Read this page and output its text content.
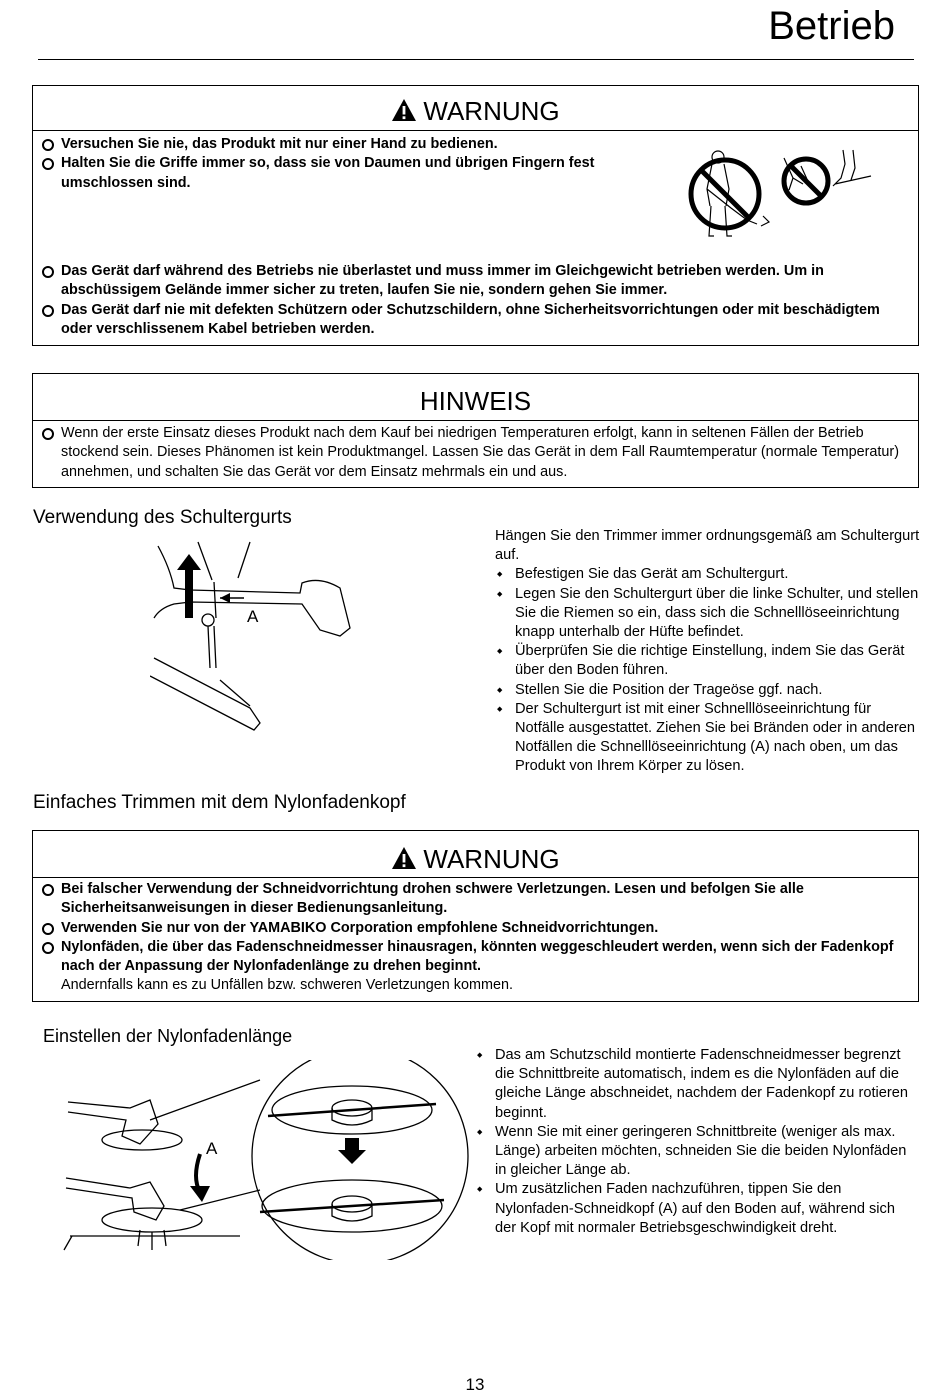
Betrieb
WARNUNG
Versuchen Sie nie, das Produkt mit nur einer Hand zu bedienen.
Halten Sie die Griffe immer so, dass sie von Daumen und übrigen Fingern fest umschlossen sind.
Das Gerät darf während des Betriebs nie überlastet und muss immer im Gleichgewicht betrieben werden. Um in abschüssigem Gelände immer sicher zu treten, laufen Sie nie, sondern gehen Sie immer.
Das Gerät darf nie mit defekten Schützern oder Schutzschildern, ohne Sicherheitsvorrichtungen oder mit beschädigtem oder verschlissenem Kabel betrieben werden.
HINWEIS
Wenn der erste Einsatz dieses Produkt nach dem Kauf bei niedrigen Temperaturen erfolgt, kann in seltenen Fällen der Betrieb stockend sein. Dieses Phänomen ist kein Produktmangel. Lassen Sie das Gerät in dem Fall Raumtemperatur (normale Temperatur) annehmen, und schalten Sie das Gerät vor dem Einsatz mehrmals ein und aus.
Verwendung des Schultergurts
A
Hängen Sie den Trimmer immer ordnungsgemäß am Schultergurt auf.
◆ Befestigen Sie das Gerät am Schultergurt.
◆ Legen Sie den Schultergurt über die linke Schulter, und stellen Sie die Riemen so ein, dass sich die Schnelllöseeinrichtung knapp unterhalb der Hüfte befindet.
◆ Überprüfen Sie die richtige Einstellung, indem Sie das Gerät über den Boden führen.
◆ Stellen Sie die Position der Trageöse ggf. nach.
◆ Der Schultergurt ist mit einer Schnelllöseeinrichtung für Notfälle ausgestattet. Ziehen Sie bei Bränden oder in anderen Notfällen die Schnelllöseeinrichtung (A) nach oben, um das Produkt von Ihrem Körper zu lösen.
Einfaches Trimmen mit dem Nylonfadenkopf
WARNUNG
Bei falscher Verwendung der Schneidvorrichtung drohen schwere Verletzungen. Lesen und befolgen Sie alle Sicherheitsanweisungen in dieser Bedienungsanleitung.
Verwenden Sie nur von der YAMABIKO Corporation empfohlene Schneidvorrichtungen.
Nylonfäden, die über das Fadenschneidmesser hinausragen, könnten weggeschleudert werden, wenn sich der Fadenkopf nach der Anpassung der Nylonfadenlänge zu drehen beginnt.
Andernfalls kann es zu Unfällen bzw. schweren Verletzungen kommen.
Einstellen der Nylonfadenlänge
A
◆ Das am Schutzschild montierte Fadenschneidmesser begrenzt die Schnittbreite automatisch, indem es die Nylonfäden auf die gleiche Länge abschneidet, nachdem der Fadenkopf zu rotieren beginnt.
◆ Wenn Sie mit einer geringeren Schnittbreite (weniger als max. Länge) arbeiten möchten, schneiden Sie die beiden Nylonfäden in gleicher Länge ab.
◆ Um zusätzlichen Faden nachzuführen, tippen Sie den Nylonfaden-Schneidkopf (A) auf den Boden auf, während sich der Kopf mit normaler Betriebsgeschwindigkeit dreht.
13
